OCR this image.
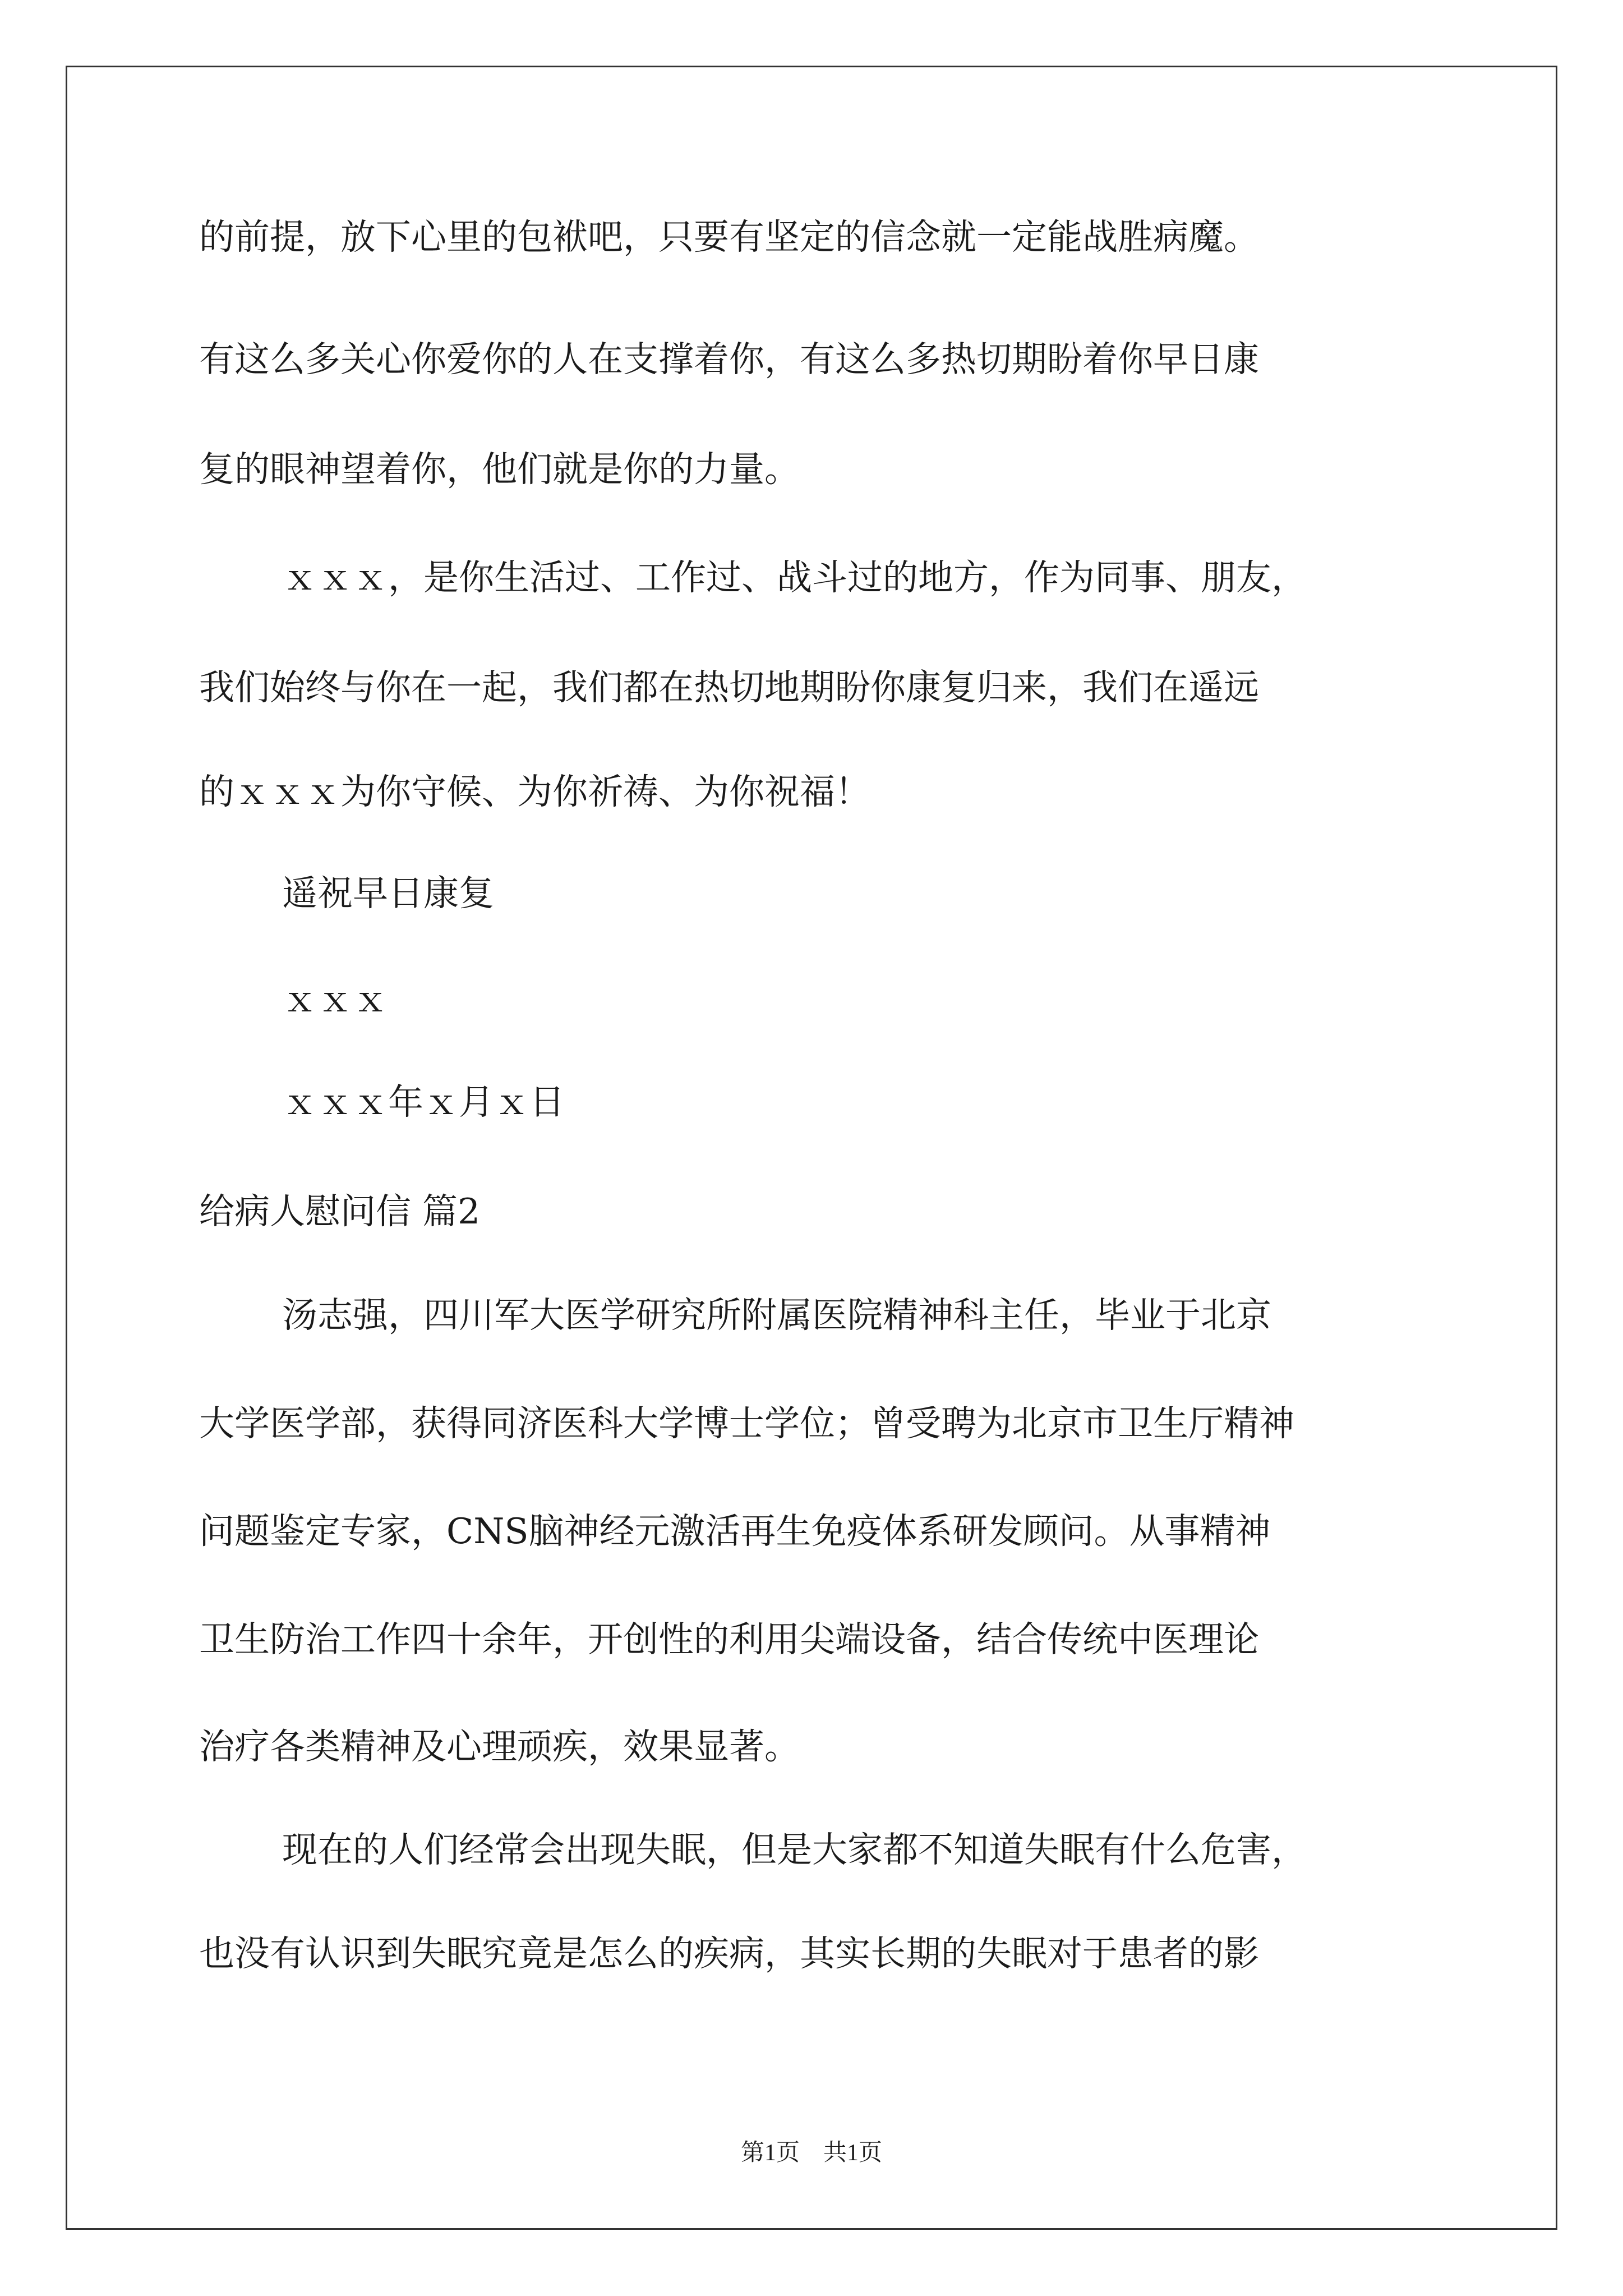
的前提，放下心里的包袱吧，只要有坚定的信念就一定能战胜病魔。
有这么多关心你爱你的人在支撑着你，有这么多热切期盼着你早日康
复的眼神望着你，他们就是你的力量。
ｘｘｘ，是你生活过、工作过、战斗过的地方，作为同事、朋友，
我们始终与你在一起，我们都在热切地期盼你康复归来，我们在遥远
的ｘｘｘ为你守候、为你祈祷、为你祝福！
遥祝早日康复
ｘｘｘ
ｘｘｘ年ｘ月ｘ日
给病人慰问信 篇2
汤志强，四川军大医学研究所附属医院精神科主任，毕业于北京
大学医学部，获得同济医科大学博士学位；曾受聘为北京市卫生厅精神
问题鉴定专家，CNS脑神经元激活再生免疫体系研发顾问。从事精神
卫生防治工作四十余年，开创性的利用尖端设备，结合传统中医理论
治疗各类精神及心理顽疾，效果显著。
现在的人们经常会出现失眠，但是大家都不知道失眠有什么危害，
也没有认识到失眠究竟是怎么的疾病，其实长期的失眠对于患者的影
第1页　共1页
